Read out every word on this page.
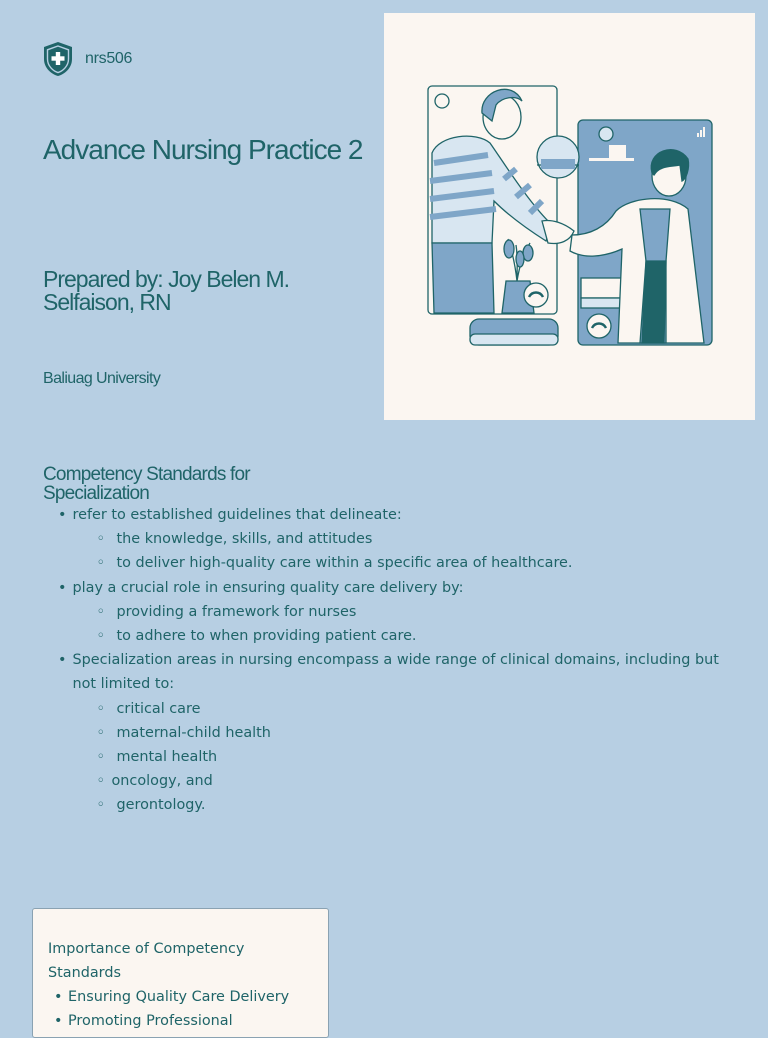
nrs506
Advance Nursing Practice 2
Prepared by: Joy Belen M. Selfaison, RN
Baliuag University
Competency Standards for Specialization
• refer to established guidelines that delineate:
◦ the knowledge, skills, and attitudes
◦ to deliver high-quality care within a specific area of healthcare.
• play a crucial role in ensuring quality care delivery by:
◦ providing a framework for nurses
◦ to adhere to when providing patient care.
• Specialization areas in nursing encompass a wide range of clinical domains, including but not limited to:
◦ critical care
◦ maternal-child health
◦ mental health
◦ oncology, and
◦ gerontology.
Importance of Competency Standards
• Ensuring Quality Care Delivery
• Promoting Professional
